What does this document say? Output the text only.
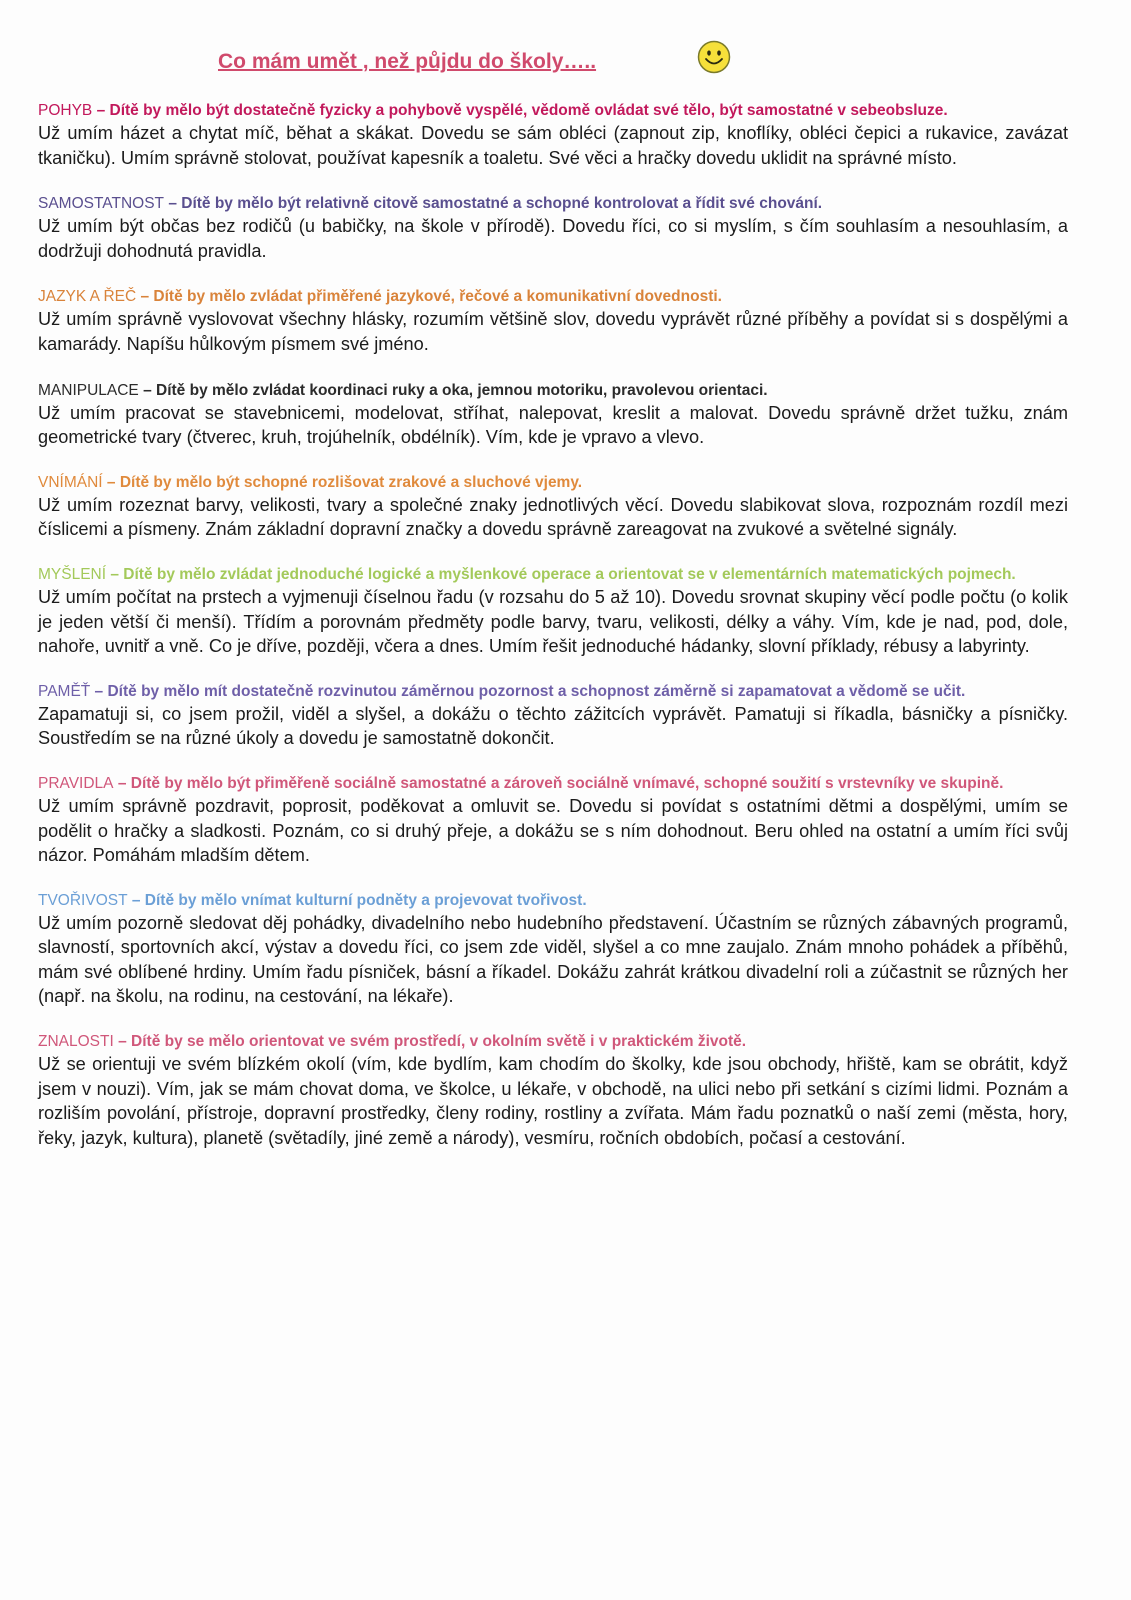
Co mám umět , než půjdu do školy…..

POHYB – Dítě by mělo být dostatečně fyzicky a pohybově vyspělé, vědomě ovládat své tělo, být samostatné v sebeobsluze.

Už umím házet a chytat míč, běhat a skákat. Dovedu se sám obléci (zapnout zip, knoflíky, obléci čepici a rukavice, zavázat tkaničku). Umím správně stolovat, používat kapesník a toaletu. Své věci a hračky dovedu uklidit na správné místo.

SAMOSTATNOST – Dítě by mělo být relativně citově samostatné a schopné kontrolovat a řídit své chování.

Už umím být občas bez rodičů (u babičky, na škole v přírodě). Dovedu říci, co si myslím, s čím souhlasím a nesouhlasím, a dodržuji dohodnutá pravidla.

JAZYK A ŘEČ – Dítě by mělo zvládat přiměřené jazykové, řečové a komunikativní dovednosti.

Už umím správně vyslovovat všechny hlásky, rozumím většině slov, dovedu vyprávět různé příběhy a povídat si s dospělými a kamarády. Napíšu hůlkovým písmem své jméno.

MANIPULACE – Dítě by mělo zvládat koordinaci ruky a oka, jemnou motoriku, pravolevou orientaci.

Už umím pracovat se stavebnicemi, modelovat, stříhat, nalepovat, kreslit a malovat. Dovedu správně držet tužku, znám geometrické tvary (čtverec, kruh, trojúhelník, obdélník). Vím, kde je vpravo a vlevo.

VNÍMÁNÍ – Dítě by mělo být schopné rozlišovat zrakové a sluchové vjemy.

Už umím rozeznat barvy, velikosti, tvary a společné znaky jednotlivých věcí. Dovedu slabikovat slova, rozpoznám rozdíl mezi číslicemi a písmeny. Znám základní dopravní značky a dovedu správně zareagovat na zvukové a světelné signály.

MYŠLENÍ – Dítě by mělo zvládat jednoduché logické a myšlenkové operace a orientovat se v elementárních matematických pojmech.

Už umím počítat na prstech a vyjmenuji číselnou řadu (v rozsahu do 5 až 10). Dovedu srovnat skupiny věcí podle počtu (o kolik je jeden větší či menší). Třídím a porovnám předměty podle barvy, tvaru, velikosti, délky a váhy. Vím, kde je nad, pod, dole, nahoře, uvnitř a vně. Co je dříve, později, včera a dnes. Umím řešit jednoduché hádanky, slovní příklady, rébusy a labyrinty.

PAMĚŤ – Dítě by mělo mít dostatečně rozvinutou záměrnou pozornost a schopnost záměrně si zapamatovat a vědomě se učit.

Zapamatuji si, co jsem prožil, viděl a slyšel, a dokážu o těchto zážitcích vyprávět. Pamatuji si říkadla, básničky a písničky. Soustředím se na různé úkoly a dovedu je samostatně dokončit.

PRAVIDLA – Dítě by mělo být přiměřeně sociálně samostatné a zároveň sociálně vnímavé, schopné soužití s vrstevníky ve skupině.

Už umím správně pozdravit, poprosit, poděkovat a omluvit se. Dovedu si povídat s ostatními dětmi a dospělými, umím se podělit o hračky a sladkosti. Poznám, co si druhý přeje, a dokážu se s ním dohodnout. Beru ohled na ostatní a umím říci svůj názor. Pomáhám mladším dětem.

TVOŘIVOST – Dítě by mělo vnímat kulturní podněty a projevovat tvořivost.

Už umím pozorně sledovat děj pohádky, divadelního nebo hudebního představení. Účastním se různých zábavných programů, slavností, sportovních akcí, výstav a dovedu říci, co jsem zde viděl, slyšel a co mne zaujalo. Znám mnoho pohádek a příběhů, mám své oblíbené hrdiny. Umím řadu písniček, básní a říkadel. Dokážu zahrát krátkou divadelní roli a zúčastnit se různých her (např. na školu, na rodinu, na cestování, na lékaře).

ZNALOSTI – Dítě by se mělo orientovat ve svém prostředí, v okolním světě i v praktickém životě.

Už se orientuji ve svém blízkém okolí (vím, kde bydlím, kam chodím do školky, kde jsou obchody, hřiště, kam se obrátit, když jsem v nouzi). Vím, jak se mám chovat doma, ve školce, u lékaře, v obchodě, na ulici nebo při setkání s cizími lidmi. Poznám a rozliším povolání, přístroje, dopravní prostředky, členy rodiny, rostliny a zvířata. Mám řadu poznatků o naší zemi (města, hory, řeky, jazyk, kultura), planetě (světadíly, jiné země a národy), vesmíru, ročních obdobích, počasí a cestování.
